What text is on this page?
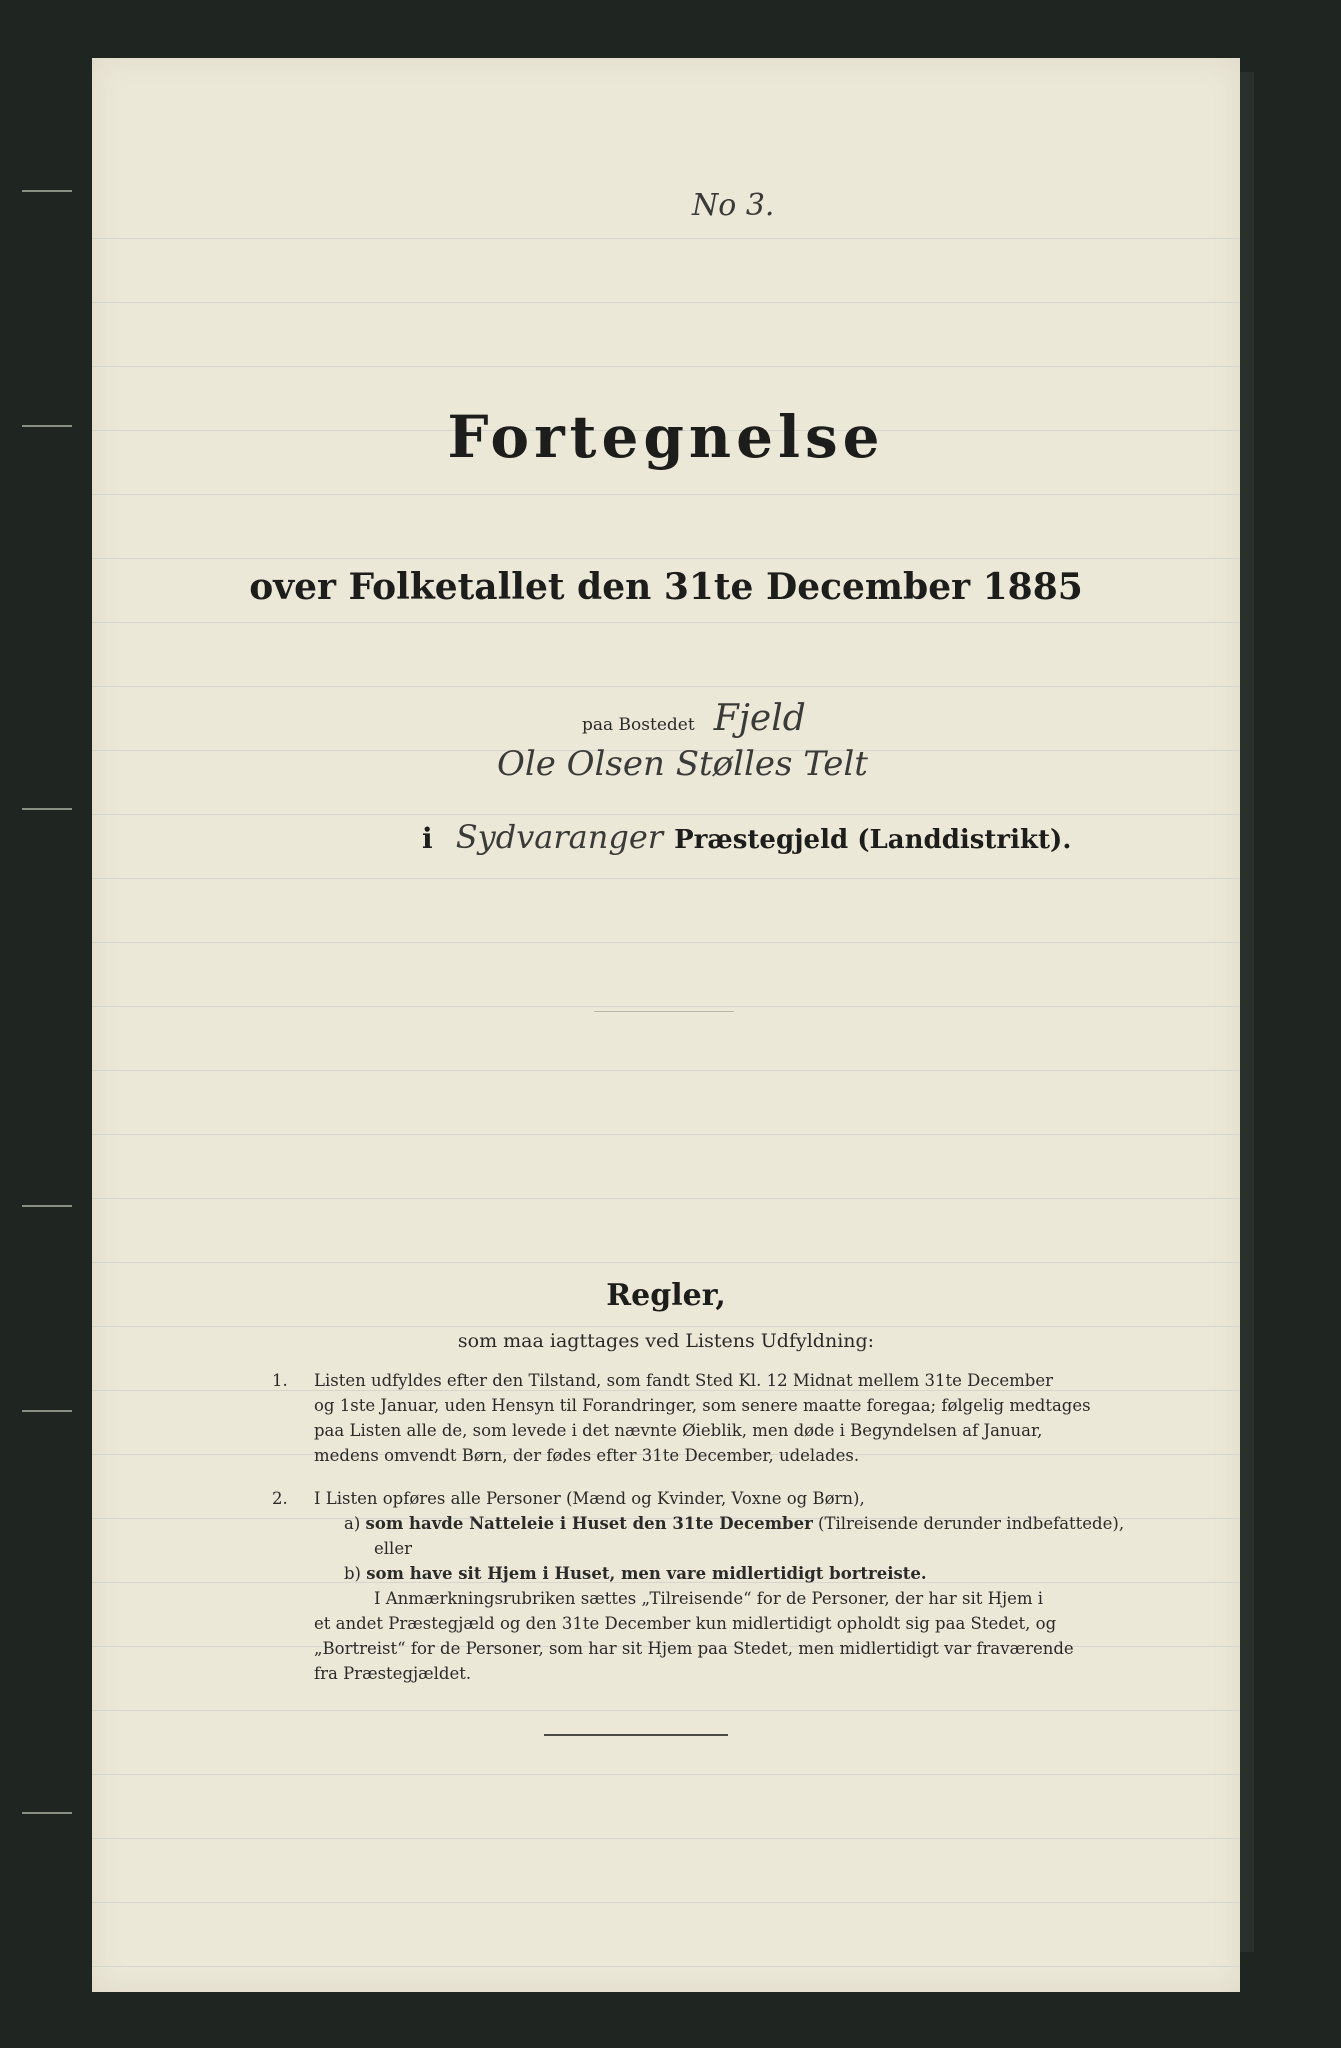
No 3.
Fortegnelse
over Folketallet den 31te December 1885
paa Bostedet Fjeld
Ole Olsen Stølles Telt
i Sydvaranger Præstegjeld (Landdistrikt).
Regler,
som maa iagttages ved Listens Udfyldning:
1. Listen udfyldes efter den Tilstand, som fandt Sted Kl. 12 Midnat mellem 31te December
og 1ste Januar, uden Hensyn til Forandringer, som senere maatte foregaa; følgelig medtages
paa Listen alle de, som levede i det nævnte Øieblik, men døde i Begyndelsen af Januar,
medens omvendt Børn, der fødes efter 31te December, udelades.
2. I Listen opføres alle Personer (Mænd og Kvinder, Voxne og Børn),
a) som havde Natteleie i Huset den 31te December (Tilreisende derunder indbefattede),
eller
b) som have sit Hjem i Huset, men vare midlertidigt bortreiste.
I Anmærkningsrubriken sættes „Tilreisende“ for de Personer, der har sit Hjem i
et andet Præstegjæld og den 31te December kun midlertidigt opholdt sig paa Stedet, og
„Bortreist“ for de Personer, som har sit Hjem paa Stedet, men midlertidigt var fraværende
fra Præstegjældet.
